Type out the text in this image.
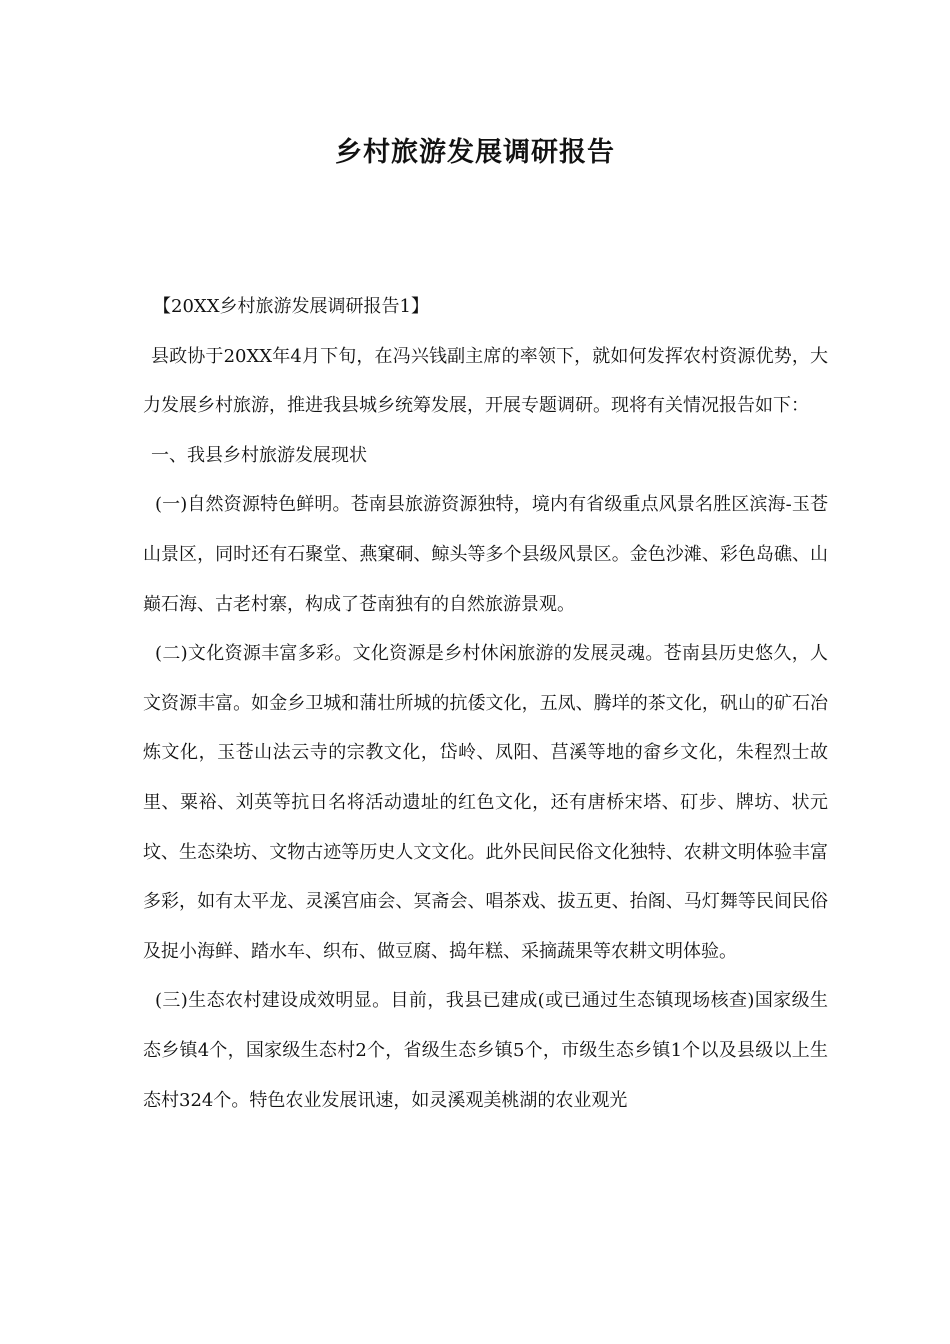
乡村旅游发展调研报告

【20XX乡村旅游发展调研报告1】

县政协于20XX年4月下旬，在冯兴钱副主席的率领下，就如何发挥农村资源优势，大力发展乡村旅游，推进我县城乡统筹发展，开展专题调研。现将有关情况报告如下：

一、我县乡村旅游发展现状

(一)自然资源特色鲜明。苍南县旅游资源独特，境内有省级重点风景名胜区滨海-玉苍山景区，同时还有石聚堂、燕窠硐、鲸头等多个县级风景区。金色沙滩、彩色岛礁、山巅石海、古老村寨，构成了苍南独有的自然旅游景观。

(二)文化资源丰富多彩。文化资源是乡村休闲旅游的发展灵魂。苍南县历史悠久，人文资源丰富。如金乡卫城和蒲壮所城的抗倭文化，五凤、腾垟的茶文化，矾山的矿石冶炼文化，玉苍山法云寺的宗教文化，岱岭、凤阳、莒溪等地的畲乡文化，朱程烈士故里、粟裕、刘英等抗日名将活动遗址的红色文化，还有唐桥宋塔、矴步、牌坊、状元坟、生态染坊、文物古迹等历史人文文化。此外民间民俗文化独特、农耕文明体验丰富多彩，如有太平龙、灵溪宫庙会、冥斋会、唱茶戏、拔五更、抬阁、马灯舞等民间民俗及捉小海鲜、踏水车、织布、做豆腐、捣年糕、采摘蔬果等农耕文明体验。

(三)生态农村建设成效明显。目前，我县已建成(或已通过生态镇现场核查)国家级生态乡镇4个，国家级生态村2个，省级生态乡镇5个，市级生态乡镇1个以及县级以上生态村324个。特色农业发展讯速，如灵溪观美桃湖的农业观光
